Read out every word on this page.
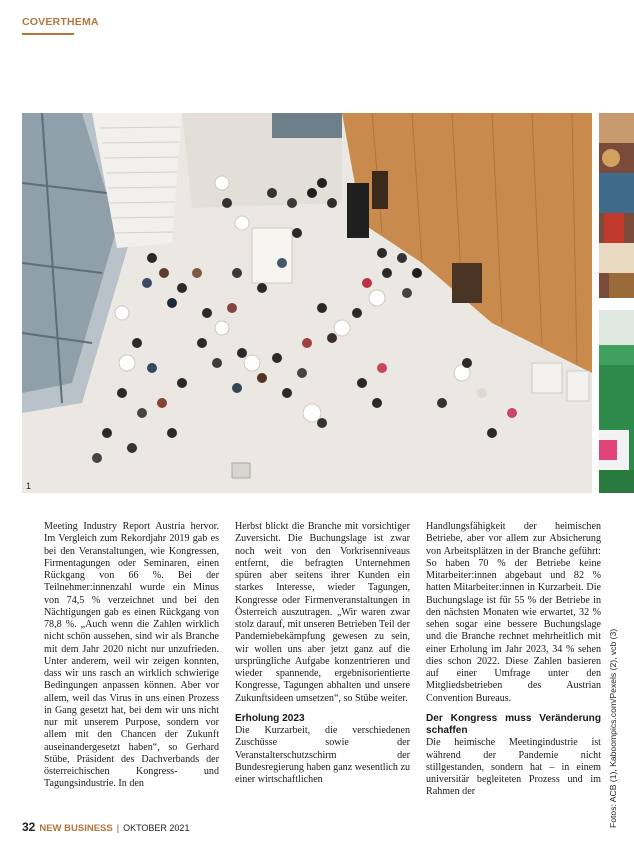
COVERTHEMA
1

Meeting Industry Report Austria hervor. Im Vergleich zum Rekordjahr 2019 gab es bei den Veranstaltungen, wie Kongressen, Firmentagungen oder Seminaren, einen Rückgang von 66 %. Bei der Teilnehmer:innenzahl wurde ein Minus von 74,5 % verzeichnet und bei den Nächtigungen gab es einen Rückgang von 78,8 %. „Auch wenn die Zahlen wirklich nicht schön aussehen, sind wir als Branche mit dem Jahr 2020 nicht nur unzufrieden. Unter anderem, weil wir zeigen konnten, dass wir uns rasch an wirklich schwierige Bedingungen anpassen können. Aber vor allem, weil das Virus in uns einen Prozess in Gang gesetzt hat, bei dem wir uns nicht nur mit unserem Purpose, sondern vor allem mit den Chancen der Zukunft auseinandergesetzt haben“, so Gerhard Stübe, Präsident des Dachverbands der österreichischen Kongress- und Tagungsindustrie. In den

Herbst blickt die Branche mit vorsichtiger Zuversicht. Die Buchungslage ist zwar noch weit von den Vorkrisenniveaus entfernt, die befragten Unternehmen spüren aber seitens ihrer Kunden ein starkes Interesse, wieder Tagungen, Kongresse oder Firmenveranstaltungen in Österreich auszutragen. „Wir waren zwar stolz darauf, mit unseren Betrieben Teil der Pandemiebekämpfung gewesen zu sein, wir wollen uns aber jetzt ganz auf die ursprüngliche Aufgabe konzentrieren und wieder spannende, ergebnisorientierte Kongresse, Tagungen abhalten und unsere Zukunftsideen umsetzen“, so Stübe weiter.

Erholung 2023

Die Kurzarbeit, die verschiedenen Zuschüsse sowie der Veranstalterschutzschirm der Bundesregierung haben ganz wesentlich zu einer wirtschaftlichen

Handlungsfähigkeit der heimischen Betriebe, aber vor allem zur Absicherung von Arbeitsplätzen in der Branche geführt: So haben 70 % der Betriebe keine Mitarbeiter:innen abgebaut und 82 % hatten Mitarbeiter:innen in Kurzarbeit. Die Buchungslage ist für 55 % der Betriebe in den nächsten Monaten wie erwartet, 32 % sehen sogar eine bessere Buchungslage und die Branche rechnet mehrheitlich mit einer Erholung im Jahr 2023, 34 % sehen dies schon 2022. Diese Zahlen basieren auf einer Umfrage unter den Mitgliedsbetrieben des Austrian Convention Bureaus.

Der Kongress muss Veränderung schaffen

Die heimische Meetingindustrie ist während der Pandemie nicht stillgestanden, sondern hat – in einem universitär begleiteten Prozess und im Rahmen der	Fotos: ACB (1), Kaboompics.com/Pexels (2), vcb (3)
32 NEW BUSINESS | OKTOBER 2021
